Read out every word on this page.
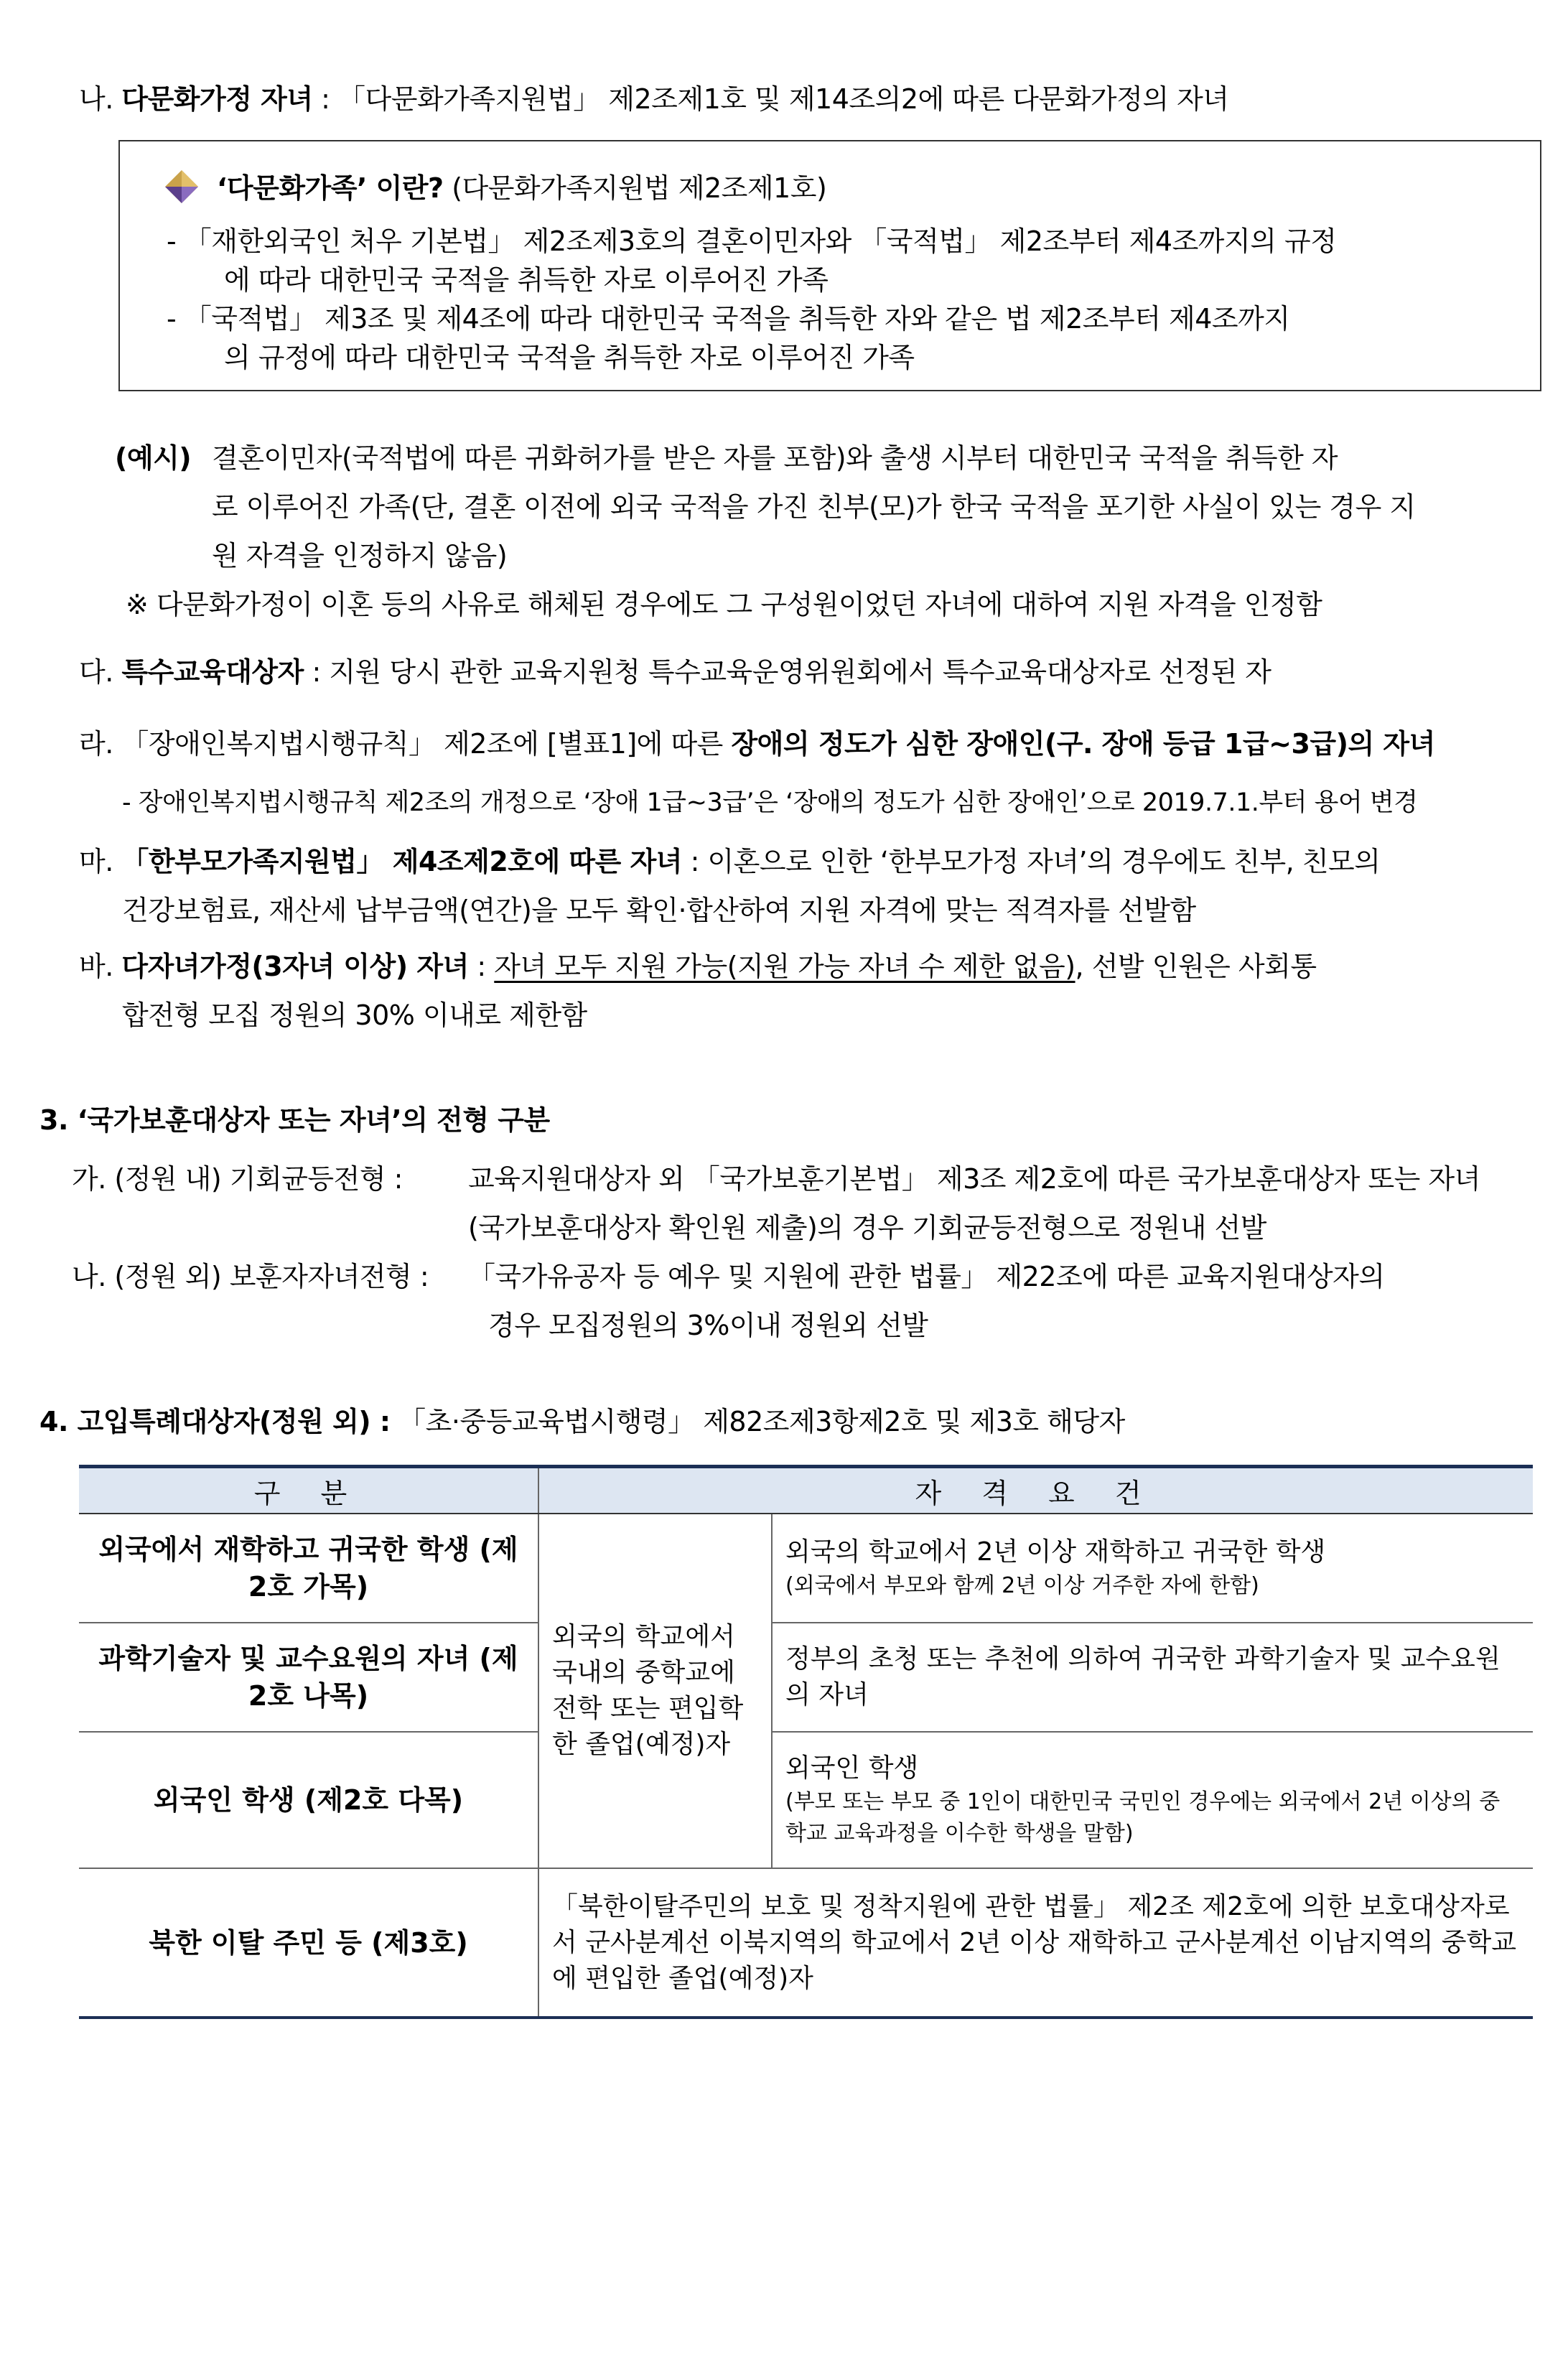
나. 다문화가정 자녀 : 「다문화가족지원법」 제2조제1호 및 제14조의2에 따른 다문화가정의 자녀
‘다문화가족’ 이란? (다문화가족지원법 제2조제1호)
- 「재한외국인 처우 기본법」 제2조제3호의 결혼이민자와 「국적법」 제2조부터 제4조까지의 규정
에 따라 대한민국 국적을 취득한 자로 이루어진 가족
- 「국적법」 제3조 및 제4조에 따라 대한민국 국적을 취득한 자와 같은 법 제2조부터 제4조까지
의 규정에 따라 대한민국 국적을 취득한 자로 이루어진 가족
(예시) 결혼이민자(국적법에 따른 귀화허가를 받은 자를 포함)와 출생 시부터 대한민국 국적을 취득한 자
로 이루어진 가족(단, 결혼 이전에 외국 국적을 가진 친부(모)가 한국 국적을 포기한 사실이 있는 경우 지
원 자격을 인정하지 않음)
※ 다문화가정이 이혼 등의 사유로 해체된 경우에도 그 구성원이었던 자녀에 대하여 지원 자격을 인정함
다. 특수교육대상자 : 지원 당시 관한 교육지원청 특수교육운영위원회에서 특수교육대상자로 선정된 자
라. 「장애인복지법시행규칙」 제2조에 [별표1]에 따른 장애의 정도가 심한 장애인(구. 장애 등급 1급~3급)의 자녀
- 장애인복지법시행규칙 제2조의 개정으로 ‘장애 1급~3급’은 ‘장애의 정도가 심한 장애인’으로 2019.7.1.부터 용어 변경
마. 「한부모가족지원법」 제4조제2호에 따른 자녀 : 이혼으로 인한 ‘한부모가정 자녀’의 경우에도 친부, 친모의
건강보험료, 재산세 납부금액(연간)을 모두 확인·합산하여 지원 자격에 맞는 적격자를 선발함
바. 다자녀가정(3자녀 이상) 자녀 : 자녀 모두 지원 가능(지원 가능 자녀 수 제한 없음), 선발 인원은 사회통
합전형 모집 정원의 30% 이내로 제한함
3. ‘국가보훈대상자 또는 자녀’의 전형 구분
가. (정원 내) 기회균등전형 : 교육지원대상자 외 「국가보훈기본법」 제3조 제2호에 따른 국가보훈대상자 또는 자녀
(국가보훈대상자 확인원 제출)의 경우 기회균등전형으로 정원내 선발
나. (정원 외) 보훈자자녀전형 : 「국가유공자 등 예우 및 지원에 관한 법률」 제22조에 따른 교육지원대상자의
경우 모집정원의 3%이내 정원외 선발
4. 고입특례대상자(정원 외) : 「초·중등교육법시행령」 제82조제3항제2호 및 제3호 해당자
구 분	자 격 요 건	
외국에서 재학하고 귀국한 학생 (제2호 가목)	외국의 학교에서 국내의 중학교에 전학 또는 편입학 한 졸업(예정)자	외국의 학교에서 2년 이상 재학하고 귀국한 학생
(외국에서 부모와 함께 2년 이상 거주한 자에 한함)

과학기술자 및 교수요원의 자녀 (제2호 나목)		정부의 초청 또는 추천에 의하여 귀국한 과학기술자 및 교수요원의 자녀
외국인 학생 (제2호 다목)		외국인 학생
(부모 또는 부모 중 1인이 대한민국 국민인 경우에는 외국에서 2년 이상의 중학교 교육과정을 이수한 학생을 말함)

북한 이탈 주민 등 (제3호)	「북한이탈주민의 보호 및 정착지원에 관한 법률」 제2조 제2호에 의한 보호대상자로서 군사분계선 이북지역의 학교에서 2년 이상 재학하고 군사분계선 이남지역의 중학교에 편입한 졸업(예정)자	
